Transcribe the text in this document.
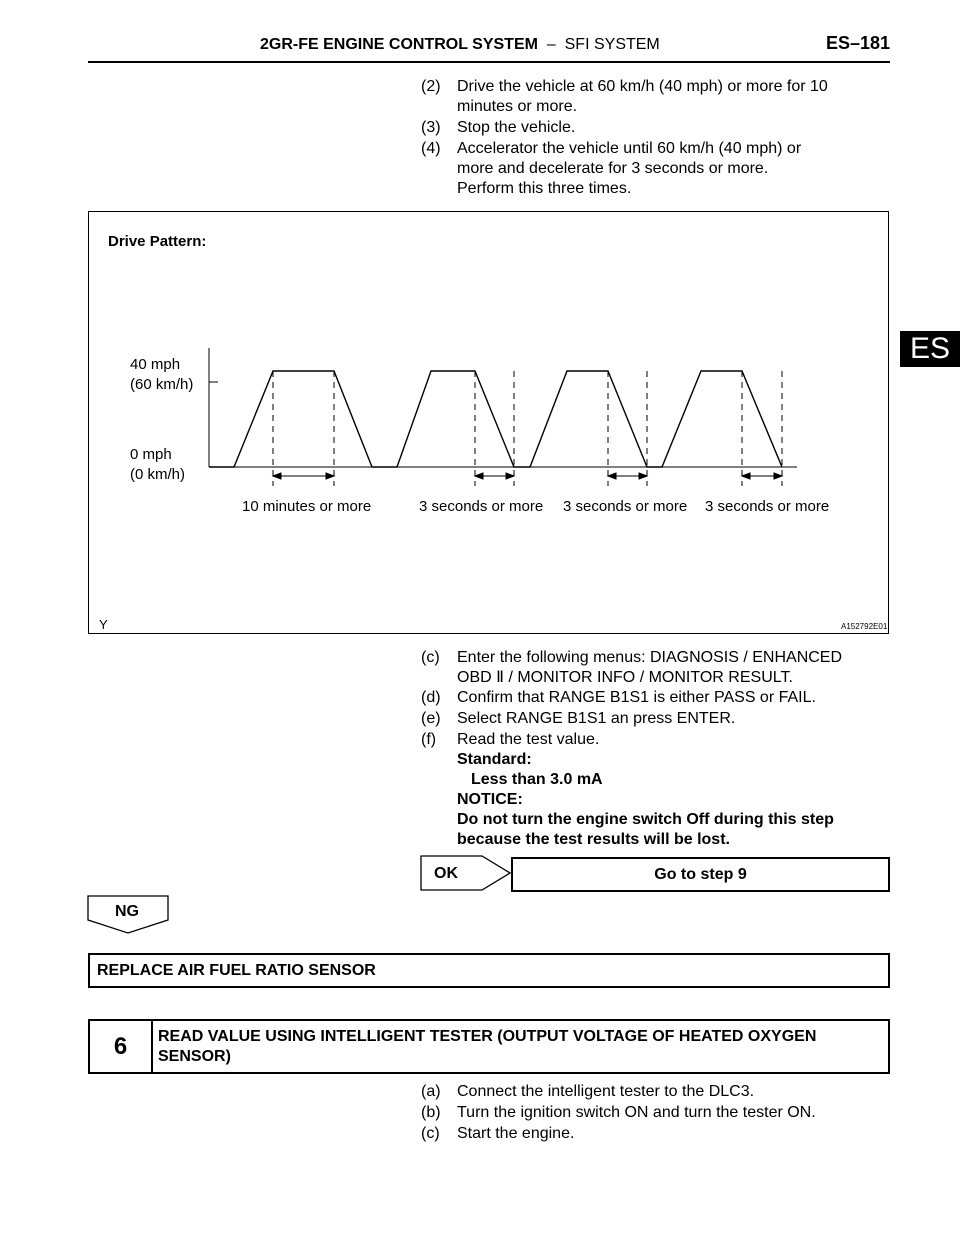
2GR-FE ENGINE CONTROL SYSTEM  –  SFI SYSTEM	ES–181
ES
(2) Drive the vehicle at 60 km/h (40 mph) or more for 10
minutes or more.
(3) Stop the vehicle.
(4) Accelerator the vehicle until 60 km/h (40 mph) or
more and decelerate for 3 seconds or more.
Perform this three times.
Drive Pattern:
40 mph
(60 km/h)
0 mph
(0 km/h)
10 minutes or more	3 seconds or more 3 seconds or more 3 seconds or more
Y	A152792E01
(c) Enter the following menus: DIAGNOSIS / ENHANCED
OBD Ⅱ / MONITOR INFO / MONITOR RESULT.
(d) Confirm that RANGE B1S1 is either PASS or FAIL.
(e) Select RANGE B1S1 an press ENTER.
(f) Read the test value.
Standard:
Less than 3.0 mA
NOTICE:
Do not turn the engine switch Off during this step
because the test results will be lost.
OK	Go to step 9
NG
REPLACE AIR FUEL RATIO SENSOR
6	READ VALUE USING INTELLIGENT TESTER (OUTPUT VOLTAGE OF HEATED OXYGEN
SENSOR)
(a) Connect the intelligent tester to the DLC3.
(b) Turn the ignition switch ON and turn the tester ON.
(c) Start the engine.
